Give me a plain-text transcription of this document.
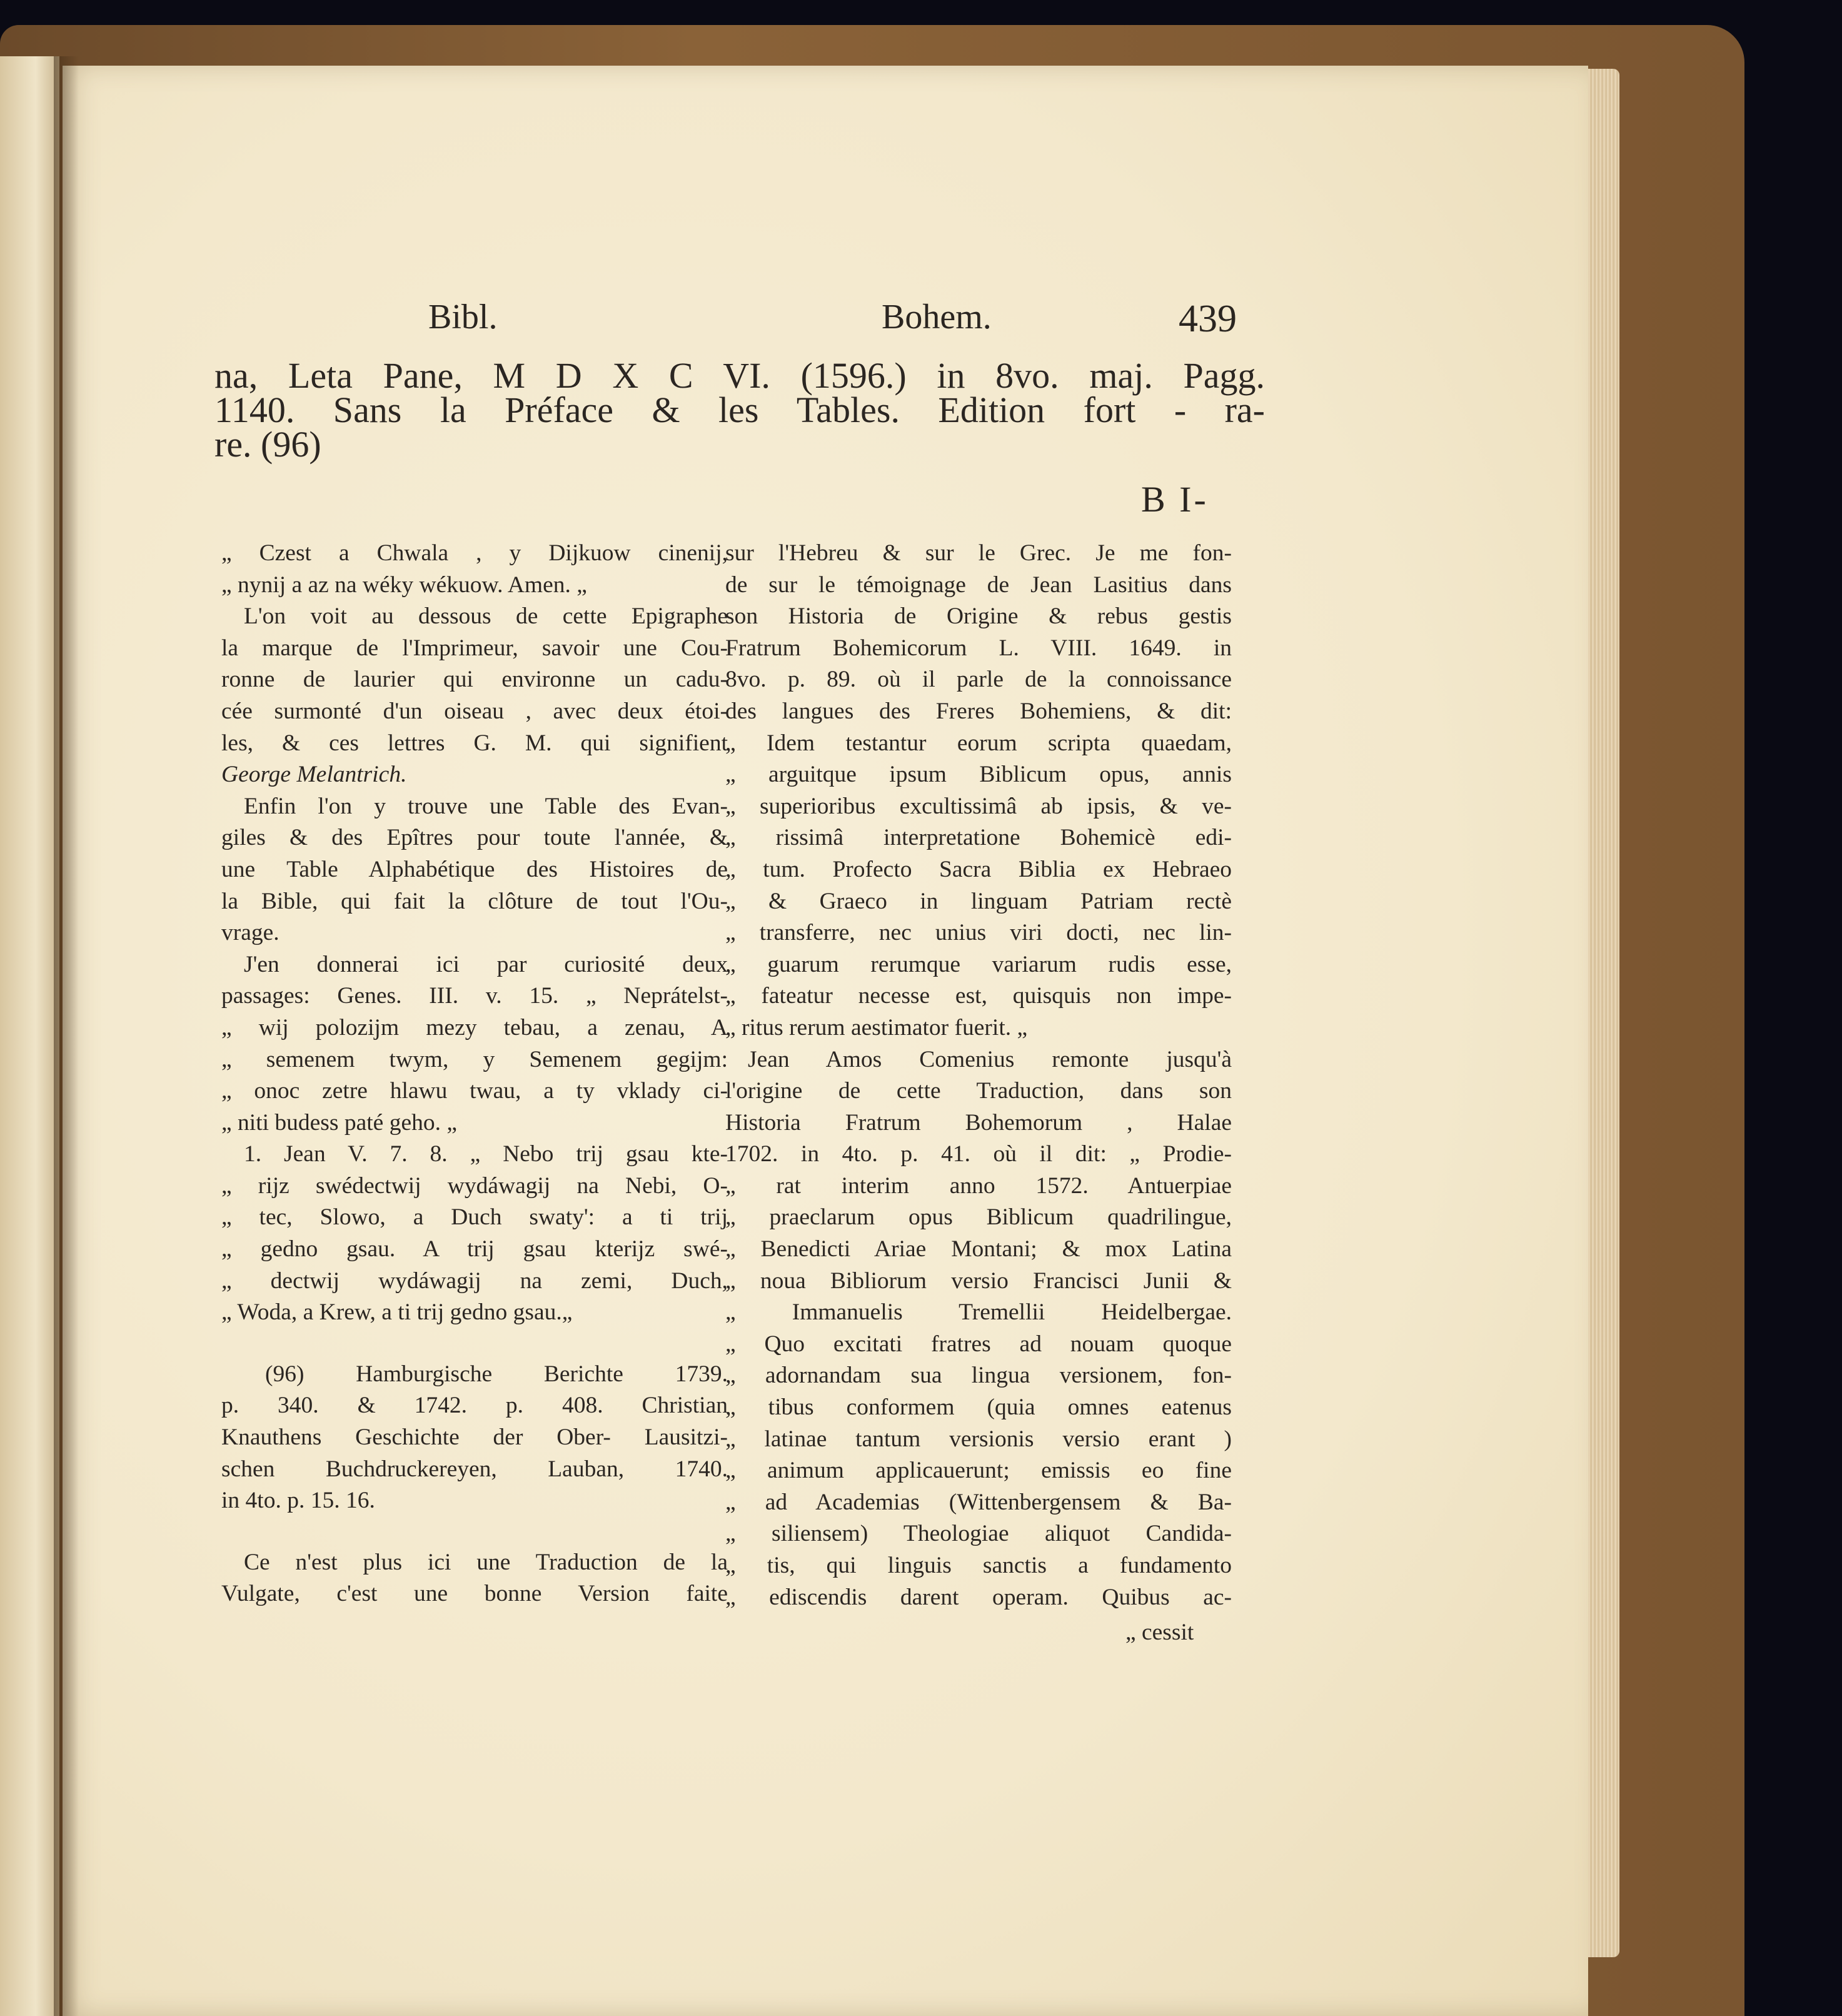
Bibl.	Bohem.	439
na, Leta Pane, M D X C VI. (1596.) in 8vo. maj. Pagg.
1140. Sans la Préface & les Tables. Edition fort - ra-
re. (96)
B I-
„ Czest a Chwala , y Dijkuow cinenij,
„ nynij a az na wéky wékuow. Amen. „
L'on voit au dessous de cette Epigraphe
la marque de l'Imprimeur, savoir une Cou-
ronne de laurier qui environne un cadu-
cée surmonté d'un oiseau , avec deux étoi-
les, & ces lettres G. M. qui signifient
George Melantrich.
Enfin l'on y trouve une Table des Evan-
giles & des Epîtres pour toute l'année, &
une Table Alphabétique des Histoires de
la Bible, qui fait la clôture de tout l'Ou-
vrage.
J'en donnerai ici par curiosité deux
passages: Genes. III. v. 15. „ Neprátelst-
„ wij polozijm mezy tebau, a zenau, A
„ semenem twym, y Semenem gegijm:
„ onoc zetre hlawu twau, a ty vklady ci-
„ niti budess paté geho. „
1. Jean V. 7. 8. „ Nebo trij gsau kte-
„ rijz swédectwij wydáwagij na Nebi, O-
„ tec, Slowo, a Duch swaty': a ti trij
„ gedno gsau. A trij gsau kterijz swé-
„ dectwij wydáwagij na zemi, Duch,
„ Woda, a Krew, a ti trij gedno gsau.„
(96) Hamburgische Berichte 1739.
p. 340. & 1742. p. 408. Christian
Knauthens Geschichte der Ober- Lausitzi-
schen Buchdruckereyen, Lauban, 1740.
in 4to. p. 15. 16.
Ce n'est plus ici une Traduction de la
Vulgate, c'est une bonne Version faite
sur l'Hebreu & sur le Grec. Je me fon-
de sur le témoignage de Jean Lasitius dans
son Historia de Origine & rebus gestis
Fratrum Bohemicorum L. VIII. 1649. in
8vo. p. 89. où il parle de la connoissance
des langues des Freres Bohemiens, & dit:
„ Idem testantur eorum scripta quaedam,
„ arguitque ipsum Biblicum opus, annis
„ superioribus excultissimâ ab ipsis, & ve-
„ rissimâ interpretatione Bohemicè edi-
„ tum. Profecto Sacra Biblia ex Hebraeo
„ & Graeco in linguam Patriam rectè
„ transferre, nec unius viri docti, nec lin-
„ guarum rerumque variarum rudis esse,
„ fateatur necesse est, quisquis non impe-
„ ritus rerum aestimator fuerit. „
Jean Amos Comenius remonte jusqu'à
l'origine de cette Traduction, dans son
Historia Fratrum Bohemorum , Halae
1702. in 4to. p. 41. où il dit: „ Prodie-
„ rat interim anno 1572. Antuerpiae
„ praeclarum opus Biblicum quadrilingue,
„ Benedicti Ariae Montani; & mox Latina
„ noua Bibliorum versio Francisci Junii &
„ Immanuelis Tremellii Heidelbergae.
„ Quo excitati fratres ad nouam quoque
„ adornandam sua lingua versionem, fon-
„ tibus conformem (quia omnes eatenus
„ latinae tantum versionis versio erant )
„ animum applicauerunt; emissis eo fine
„ ad Academias (Wittenbergensem & Ba-
„ siliensem) Theologiae aliquot Candida-
„ tis, qui linguis sanctis a fundamento
„ ediscendis darent operam. Quibus ac-
„ cessit
